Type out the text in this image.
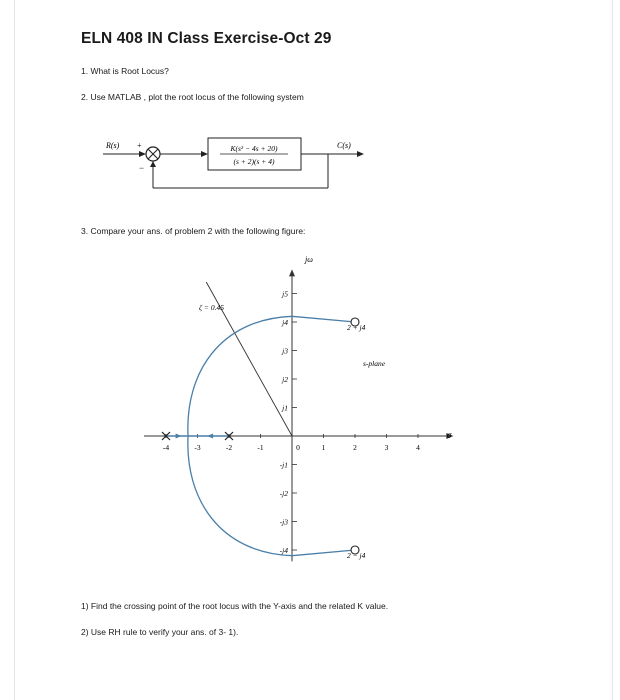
ELN 408 IN Class Exercise-Oct 29
1. What is Root Locus?
2. Use MATLAB , plot the root locus of the following system
R(s) +
−
K(s² − 4s + 20)
(s + 2)(s + 4)
C(s)
3. Compare your ans. of problem 2 with the following figure:
-4	-3	-2	-1	0	1	2	3	4
j5
j4
j3
j2
j1
-j1
-j2
-j3
-j4
jω
σ
s-plane
ζ = 0.45
2 + j4
2 − j4
1) Find the crossing point of the root locus with the Y-axis and the related K value.
2) Use RH rule to verify your ans. of 3- 1).
